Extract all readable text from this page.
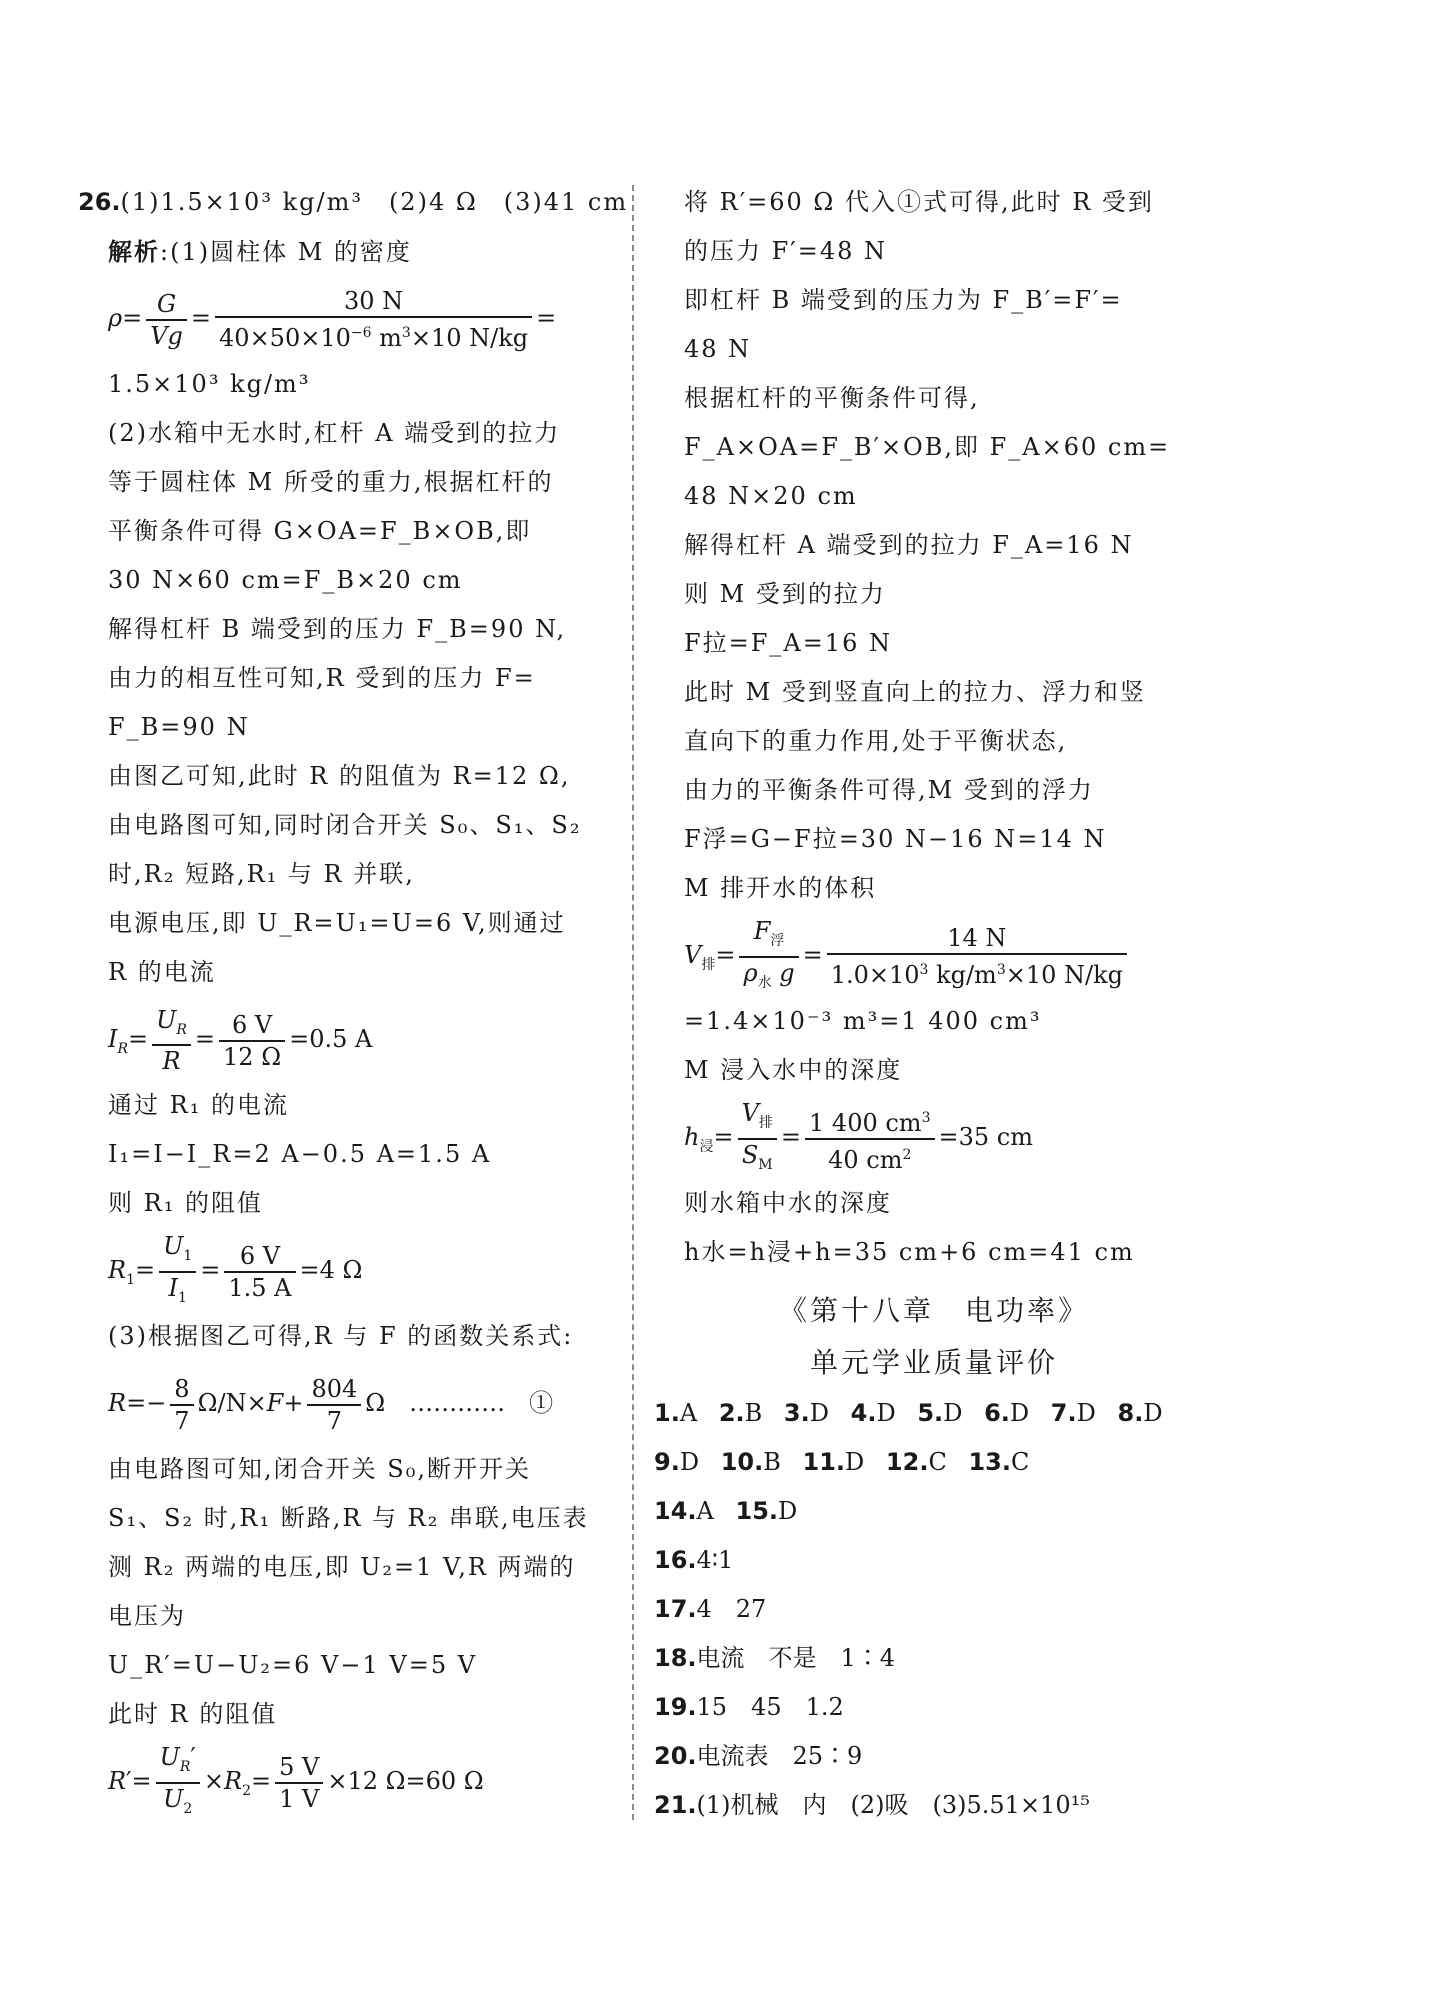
26.(1)1.5×10³ kg/m³　(2)4 Ω　(3)41 cm
解析:(1)圆柱体 M 的密度
$\rho= \frac{G}{Vg} = \frac{30 N}{40\times 50\times 10^{-6} m^3\times 10 N/kg}$ =
1.5×10³ kg/m³
(2)水箱中无水时,杠杆 A 端受到的拉力
等于圆柱体 M 所受的重力,根据杠杆的
平衡条件可得 G×OA=F_B×OB,即
30 N×60 cm=F_B×20 cm
解得杠杆 B 端受到的压力 F_B=90 N,
由力的相互性可知,R 受到的压力 F=
F_B=90 N
由图乙可知,此时 R 的阻值为 R=12 Ω,
由电路图可知,同时闭合开关 S₀、S₁、S₂
时,R₂ 短路,R₁ 与 R 并联,
电源电压,即 U_R=U₁=U=6 V,则通过
R 的电流
$I_R= \frac{U_R}{R} = \frac{6 V}{12 \Omega} =0.5$ A
通过 R₁ 的电流
I₁=I−I_R=2 A−0.5 A=1.5 A
则 R₁ 的阻值
$R_1= \frac{U_1}{I_1} = \frac{6 V}{1.5 A} =4$ Ω
(3)根据图乙可得,R 与 F 的函数关系式:
$R=- \frac{8}{7} \Omega/N\times F+ \frac{804}{7}$ Ω　…………　①
由电路图可知,闭合开关 S₀,断开开关
S₁、S₂ 时,R₁ 断路,R 与 R₂ 串联,电压表
测 R₂ 两端的电压,即 U₂=1 V,R 两端的
电压为
U_R′=U−U₂=6 V−1 V=5 V
此时 R 的阻值
$R'= \frac{U_R'}{U_2} \times R_2= \frac{5 V}{1 V} \times 12$ Ω=60 Ω
将 R′=60 Ω 代入①式可得,此时 R 受到
的压力 F′=48 N
即杠杆 B 端受到的压力为 F_B′=F′=
48 N
根据杠杆的平衡条件可得,
F_A×OA=F_B′×OB,即 F_A×60 cm=
48 N×20 cm
解得杠杆 A 端受到的拉力 F_A=16 N
则 M 受到的拉力
F拉=F_A=16 N
此时 M 受到竖直向上的拉力、浮力和竖
直向下的重力作用,处于平衡状态,
由力的平衡条件可得,M 受到的浮力
F浮=G−F拉=30 N−16 N=14 N
M 排开水的体积
$V_排= \frac{F_浮}{\rho_水 g} = \frac{14 N}{1.0\times 10^3 kg/m^3\times 10 N/kg}$
=1.4×10⁻³ m³=1 400 cm³
M 浸入水中的深度
$h_浸= \frac{V_排}{S_M} = \frac{1 400 cm^3}{40 cm^2} =35$ cm
则水箱中水的深度
h水=h浸+h=35 cm+6 cm=41 cm
《第十八章　电功率》
单元学业质量评价
1.A 2.B 3.D 4.D 5.D 6.D 7.D 8.D
9.D 10.B 11.D 12.C 13.C
14.A 15.D
16.4∶1
17.4　27
18.电流　不是　1∶4
19.15　45　1.2
20.电流表　25∶9
21.(1)机械　内　(2)吸　(3)5.51×10¹⁵
